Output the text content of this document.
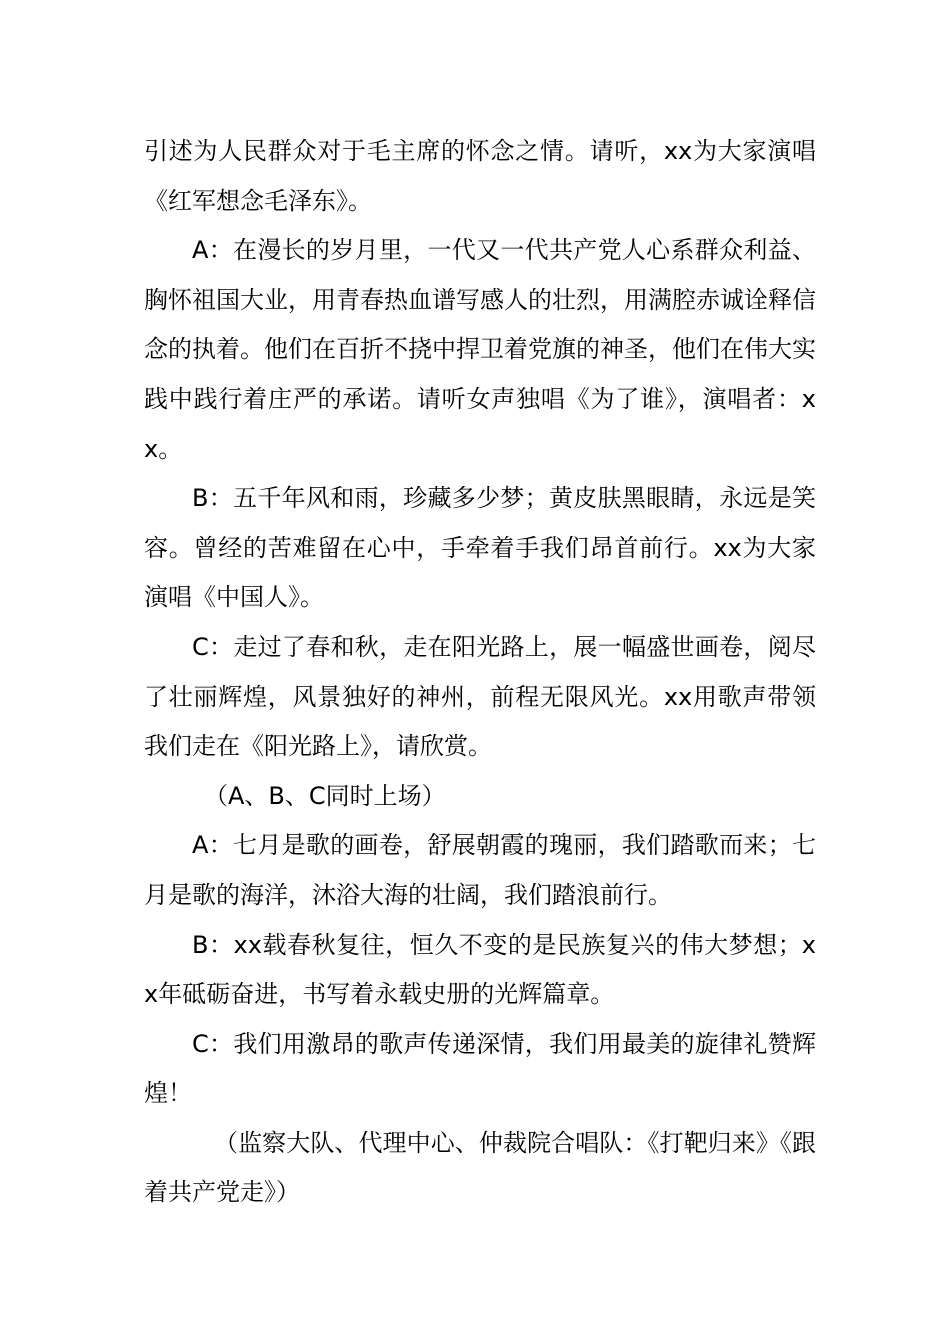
引述为人民群众对于毛主席的怀念之情。请听，xx为大家演唱《红军想念毛泽东》。

A：在漫长的岁月里，一代又一代共产党人心系群众利益、胸怀祖国大业，用青春热血谱写感人的壮烈，用满腔赤诚诠释信念的执着。他们在百折不挠中捍卫着党旗的神圣，他们在伟大实践中践行着庄严的承诺。请听女声独唱《为了谁》，演唱者：xx。

B：五千年风和雨，珍藏多少梦；黄皮肤黑眼睛，永远是笑容。曾经的苦难留在心中，手牵着手我们昂首前行。xx为大家演唱《中国人》。

C：走过了春和秋，走在阳光路上，展一幅盛世画卷，阅尽了壮丽辉煌，风景独好的神州，前程无限风光。xx用歌声带领我们走在《阳光路上》，请欣赏。

（A、B、C同时上场）

A：七月是歌的画卷，舒展朝霞的瑰丽，我们踏歌而来；七月是歌的海洋，沐浴大海的壮阔，我们踏浪前行。

B：xx载春秋复往，恒久不变的是民族复兴的伟大梦想；xx年砥砺奋进，书写着永载史册的光辉篇章。

C：我们用激昂的歌声传递深情，我们用最美的旋律礼赞辉煌！

（监察大队、代理中心、仲裁院合唱队：《打靶归来》《跟着共产党走》）
